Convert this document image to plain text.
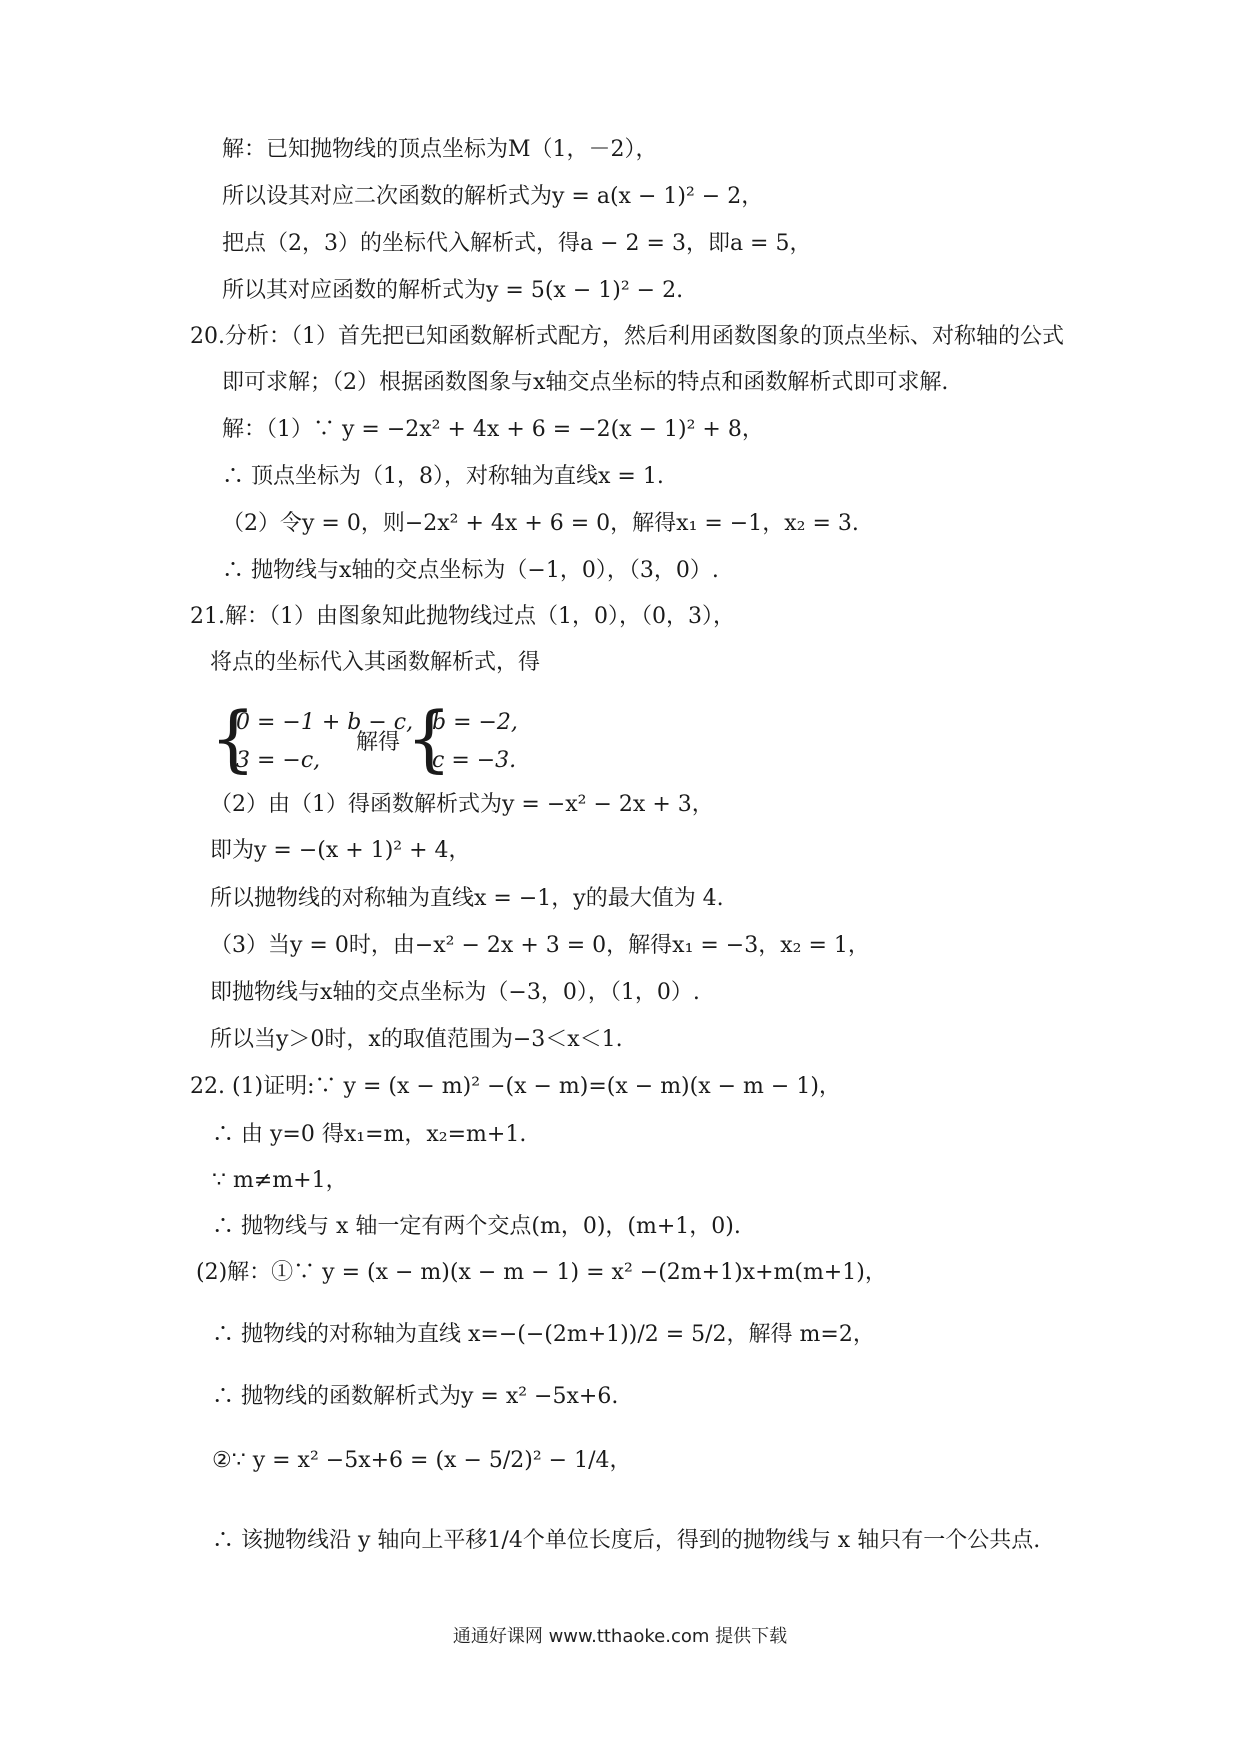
解：已知抛物线的顶点坐标为M（1，－2），
所以设其对应二次函数的解析式为y = a(x − 1)² − 2，
把点（2，3）的坐标代入解析式，得a − 2 = 3，即a = 5，
所以其对应函数的解析式为y = 5(x − 1)² − 2.
20.分析：（1）首先把已知函数解析式配方，然后利用函数图象的顶点坐标、对称轴的公式
即可求解；（2）根据函数图象与x轴交点坐标的特点和函数解析式即可求解.
解：（1）∵ y = −2x² + 4x + 6 = −2(x − 1)² + 8，
∴ 顶点坐标为（1，8），对称轴为直线x = 1.
（2）令y = 0，则−2x² + 4x + 6 = 0，解得x₁ = −1，x₂ = 3.
∴ 抛物线与x轴的交点坐标为（−1，0），（3，0）.
21.解：（1）由图象知此抛物线过点（1，0），（0，3），
将点的坐标代入其函数解析式，得
{
0 = −1 + b − c,
3 = −c,
解得 {
b = −2,
c = −3.
（2）由（1）得函数解析式为y = −x² − 2x + 3，
即为y = −(x + 1)² + 4，
所以抛物线的对称轴为直线x = −1，y的最大值为 4.
（3）当y = 0时，由−x² − 2x + 3 = 0，解得x₁ = −3，x₂ = 1，
即抛物线与x轴的交点坐标为（−3，0），（1，0）.
所以当y＞0时，x的取值范围为−3＜x＜1.
22. (1)证明:∵ y = (x − m)² −(x − m)=(x − m)(x − m − 1)，
∴ 由 y=0 得x₁=m，x₂=m+1.
∵ m≠m+1，
∴ 抛物线与 x 轴一定有两个交点(m，0)，(m+1，0).
(2)解：①∵ y = (x − m)(x − m − 1) = x² −(2m+1)x+m(m+1)，
∴ 抛物线的对称轴为直线 x=−(−(2m+1))/2 = 5/2，解得 m=2，
∴ 抛物线的函数解析式为y = x² −5x+6.
②∵ y = x² −5x+6 = (x − 5/2)² − 1/4，
∴ 该抛物线沿 y 轴向上平移1/4个单位长度后，得到的抛物线与 x 轴只有一个公共点.
通通好课网 www.tthaoke.com 提供下载
